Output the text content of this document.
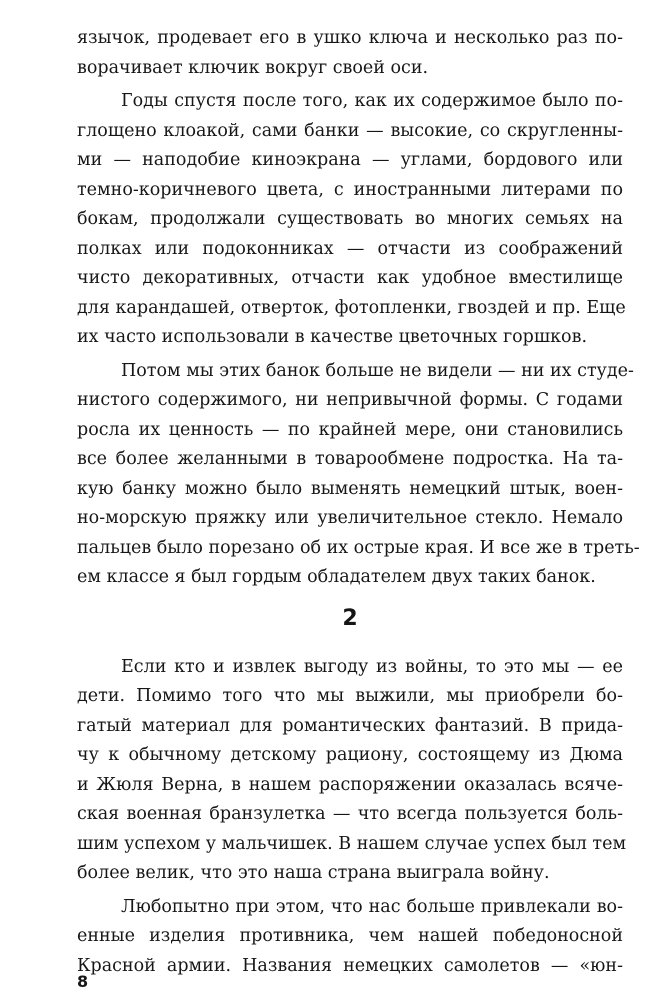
2
язычок, продевает его в ушко ключа и несколько раз по-
ворачивает ключик вокруг своей оси.
Годы спустя после того, как их содержимое было по-
глощено клоакой, сами банки — высокие, со скругленны-
ми — наподобие киноэкрана — углами, бордового или
темно-коричневого цвета, с иностранными литерами по
бокам, продолжали существовать во многих семьях на
полках или подоконниках — отчасти из соображений
чисто декоративных, отчасти как удобное вместилище
для карандашей, отверток, фотопленки, гвоздей и пр. Еще
их часто использовали в качестве цветочных горшков.
Потом мы этих банок больше не видели — ни их студе-
нистого содержимого, ни непривычной формы. С годами
росла их ценность — по крайней мере, они становились
все более желанными в товарообмене подростка. На та-
кую банку можно было выменять немецкий штык, воен-
но-морскую пряжку или увеличительное стекло. Немало
пальцев было порезано об их острые края. И все же в треть-
ем классе я был гордым обладателем двух таких банок.
Если кто и извлек выгоду из войны, то это мы — ее
дети. Помимо того что мы выжили, мы приобрели бо-
гатый материал для романтических фантазий. В прида-
чу к обычному детскому рациону, состоящему из Дюма
и Жюля Верна, в нашем распоряжении оказалась всяче-
ская военная бранзулетка — что всегда пользуется боль-
шим успехом у мальчишек. В нашем случае успех был тем
более велик, что это наша страна выиграла войну.
Любопытно при этом, что нас больше привлекали во-
енные изделия противника, чем нашей победоносной
Красной армии. Названия немецких самолетов — «юн-
8
